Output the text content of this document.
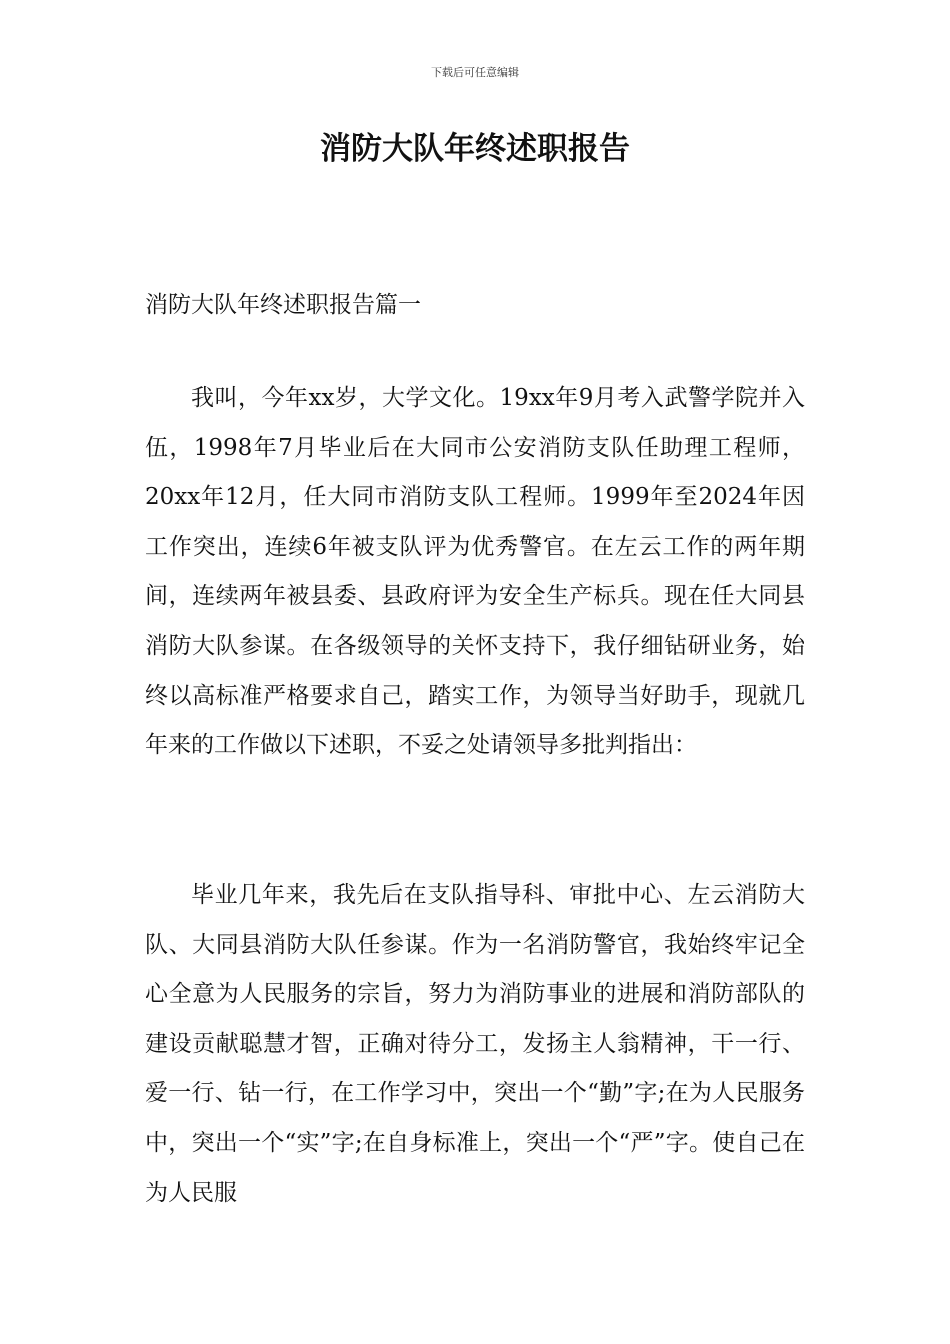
下载后可任意编辑
消防大队年终述职报告
消防大队年终述职报告篇一

我叫，今年xx岁，大学文化。19xx年9月考入武警学院并入伍，1998年7月毕业后在大同市公安消防支队任助理工程师，20xx年12月，任大同市消防支队工程师。1999年至2024年因工作突出，连续6年被支队评为优秀警官。在左云工作的两年期间，连续两年被县委、县政府评为安全生产标兵。现在任大同县消防大队参谋。在各级领导的关怀支持下，我仔细钻研业务，始终以高标准严格要求自己，踏实工作，为领导当好助手，现就几年来的工作做以下述职，不妥之处请领导多批判指出：

毕业几年来，我先后在支队指导科、审批中心、左云消防大队、大同县消防大队任参谋。作为一名消防警官，我始终牢记全心全意为人民服务的宗旨，努力为消防事业的进展和消防部队的建设贡献聪慧才智，正确对待分工，发扬主人翁精神，干一行、爱一行、钻一行，在工作学习中，突出一个“勤”字;在为人民服务中，突出一个“实”字;在自身标准上，突出一个“严”字。使自己在为人民服
